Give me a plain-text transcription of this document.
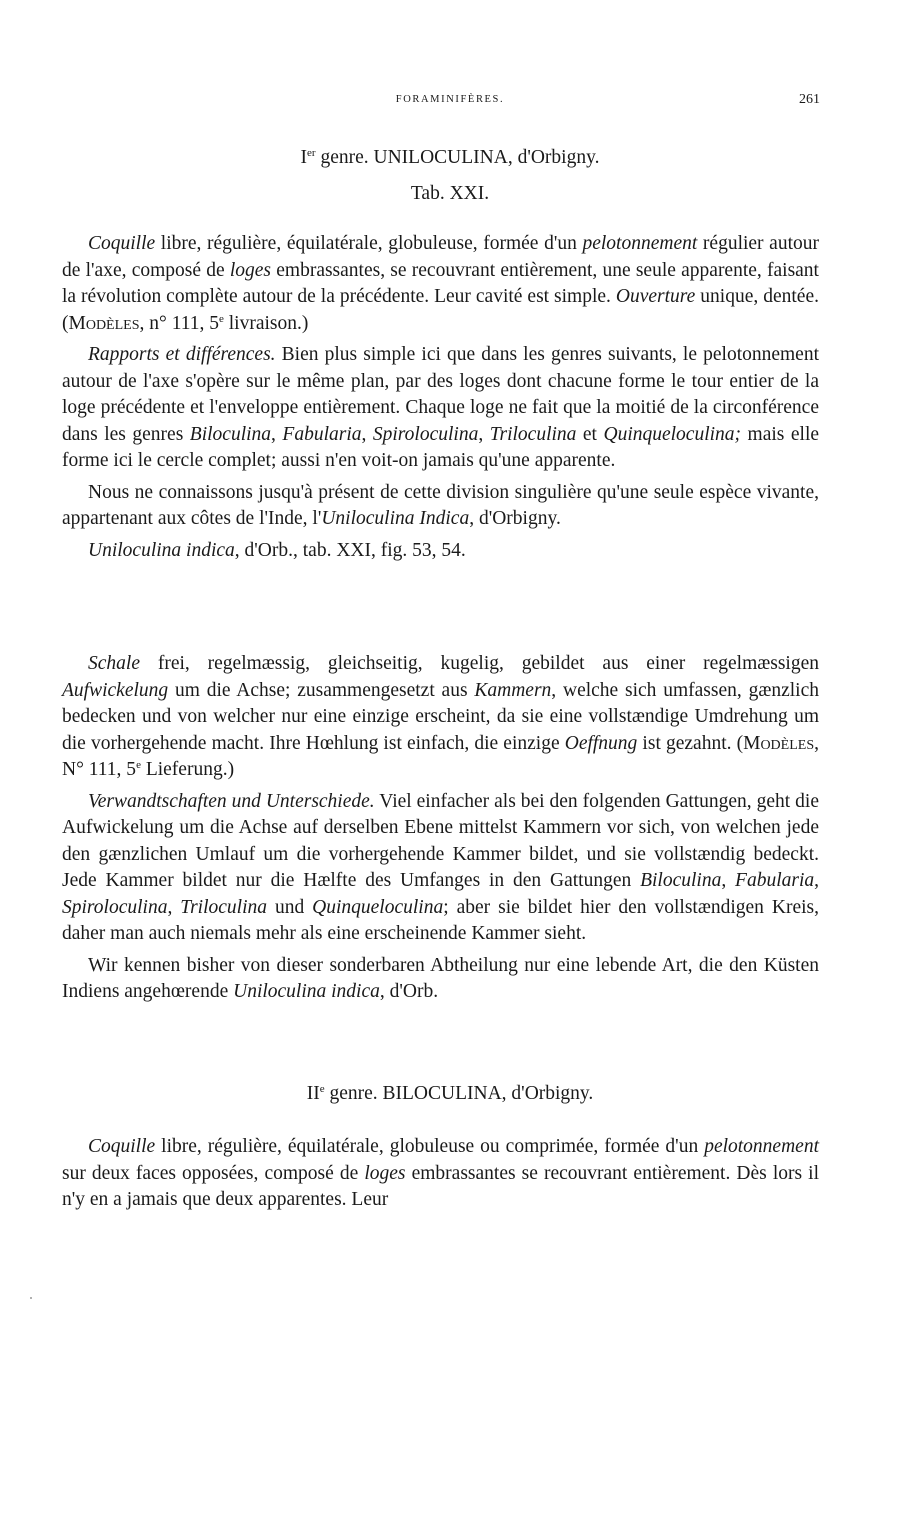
FORAMINIFÈRES.	261
Ier genre. UNILOCULINA, d'Orbigny.
Tab. XXI.

Coquille libre, régulière, équilatérale, globuleuse, formée d'un pelotonnement régulier autour de l'axe, composé de loges embrassantes, se recouvrant entièrement, une seule apparente, faisant la révolution complète autour de la précédente. Leur cavité est simple. Ouverture unique, dentée. (Modèles, n° 111, 5e livraison.)

Rapports et différences. Bien plus simple ici que dans les genres suivants, le pelotonnement autour de l'axe s'opère sur le même plan, par des loges dont chacune forme le tour entier de la loge précédente et l'enveloppe entièrement. Chaque loge ne fait que la moitié de la circonférence dans les genres Biloculina, Fabularia, Spiroloculina, Triloculina et Quinqueloculina; mais elle forme ici le cercle complet; aussi n'en voit-on jamais qu'une apparente.

Nous ne connaissons jusqu'à présent de cette division singulière qu'une seule espèce vivante, appartenant aux côtes de l'Inde, l'Uniloculina Indica, d'Orbigny.

Uniloculina indica, d'Orb., tab. XXI, fig. 53, 54.

Schale frei, regelmæssig, gleichseitig, kugelig, gebildet aus einer regelmæssigen Aufwickelung um die Achse; zusammengesetzt aus Kammern, welche sich umfassen, gænzlich bedecken und von welcher nur eine einzige erscheint, da sie eine vollstændige Umdrehung um die vorhergehende macht. Ihre Hœhlung ist einfach, die einzige Oeffnung ist gezahnt. (Modèles, N° 111, 5e Lieferung.)

Verwandtschaften und Unterschiede. Viel einfacher als bei den folgenden Gattungen, geht die Aufwickelung um die Achse auf derselben Ebene mittelst Kammern vor sich, von welchen jede den gænzlichen Umlauf um die vorhergehende Kammer bildet, und sie vollstændig bedeckt. Jede Kammer bildet nur die Hælfte des Umfanges in den Gattungen Biloculina, Fabularia, Spiroloculina, Triloculina und Quinqueloculina; aber sie bildet hier den vollstændigen Kreis, daher man auch niemals mehr als eine erscheinende Kammer sieht.

Wir kennen bisher von dieser sonderbaren Abtheilung nur eine lebende Art, die den Küsten Indiens angehœrende Uniloculina indica, d'Orb.

IIe genre. BILOCULINA, d'Orbigny.

Coquille libre, régulière, équilatérale, globuleuse ou comprimée, formée d'un pelotonnement sur deux faces opposées, composé de loges embrassantes se recouvrant entièrement. Dès lors il n'y en a jamais que deux apparentes. Leur
